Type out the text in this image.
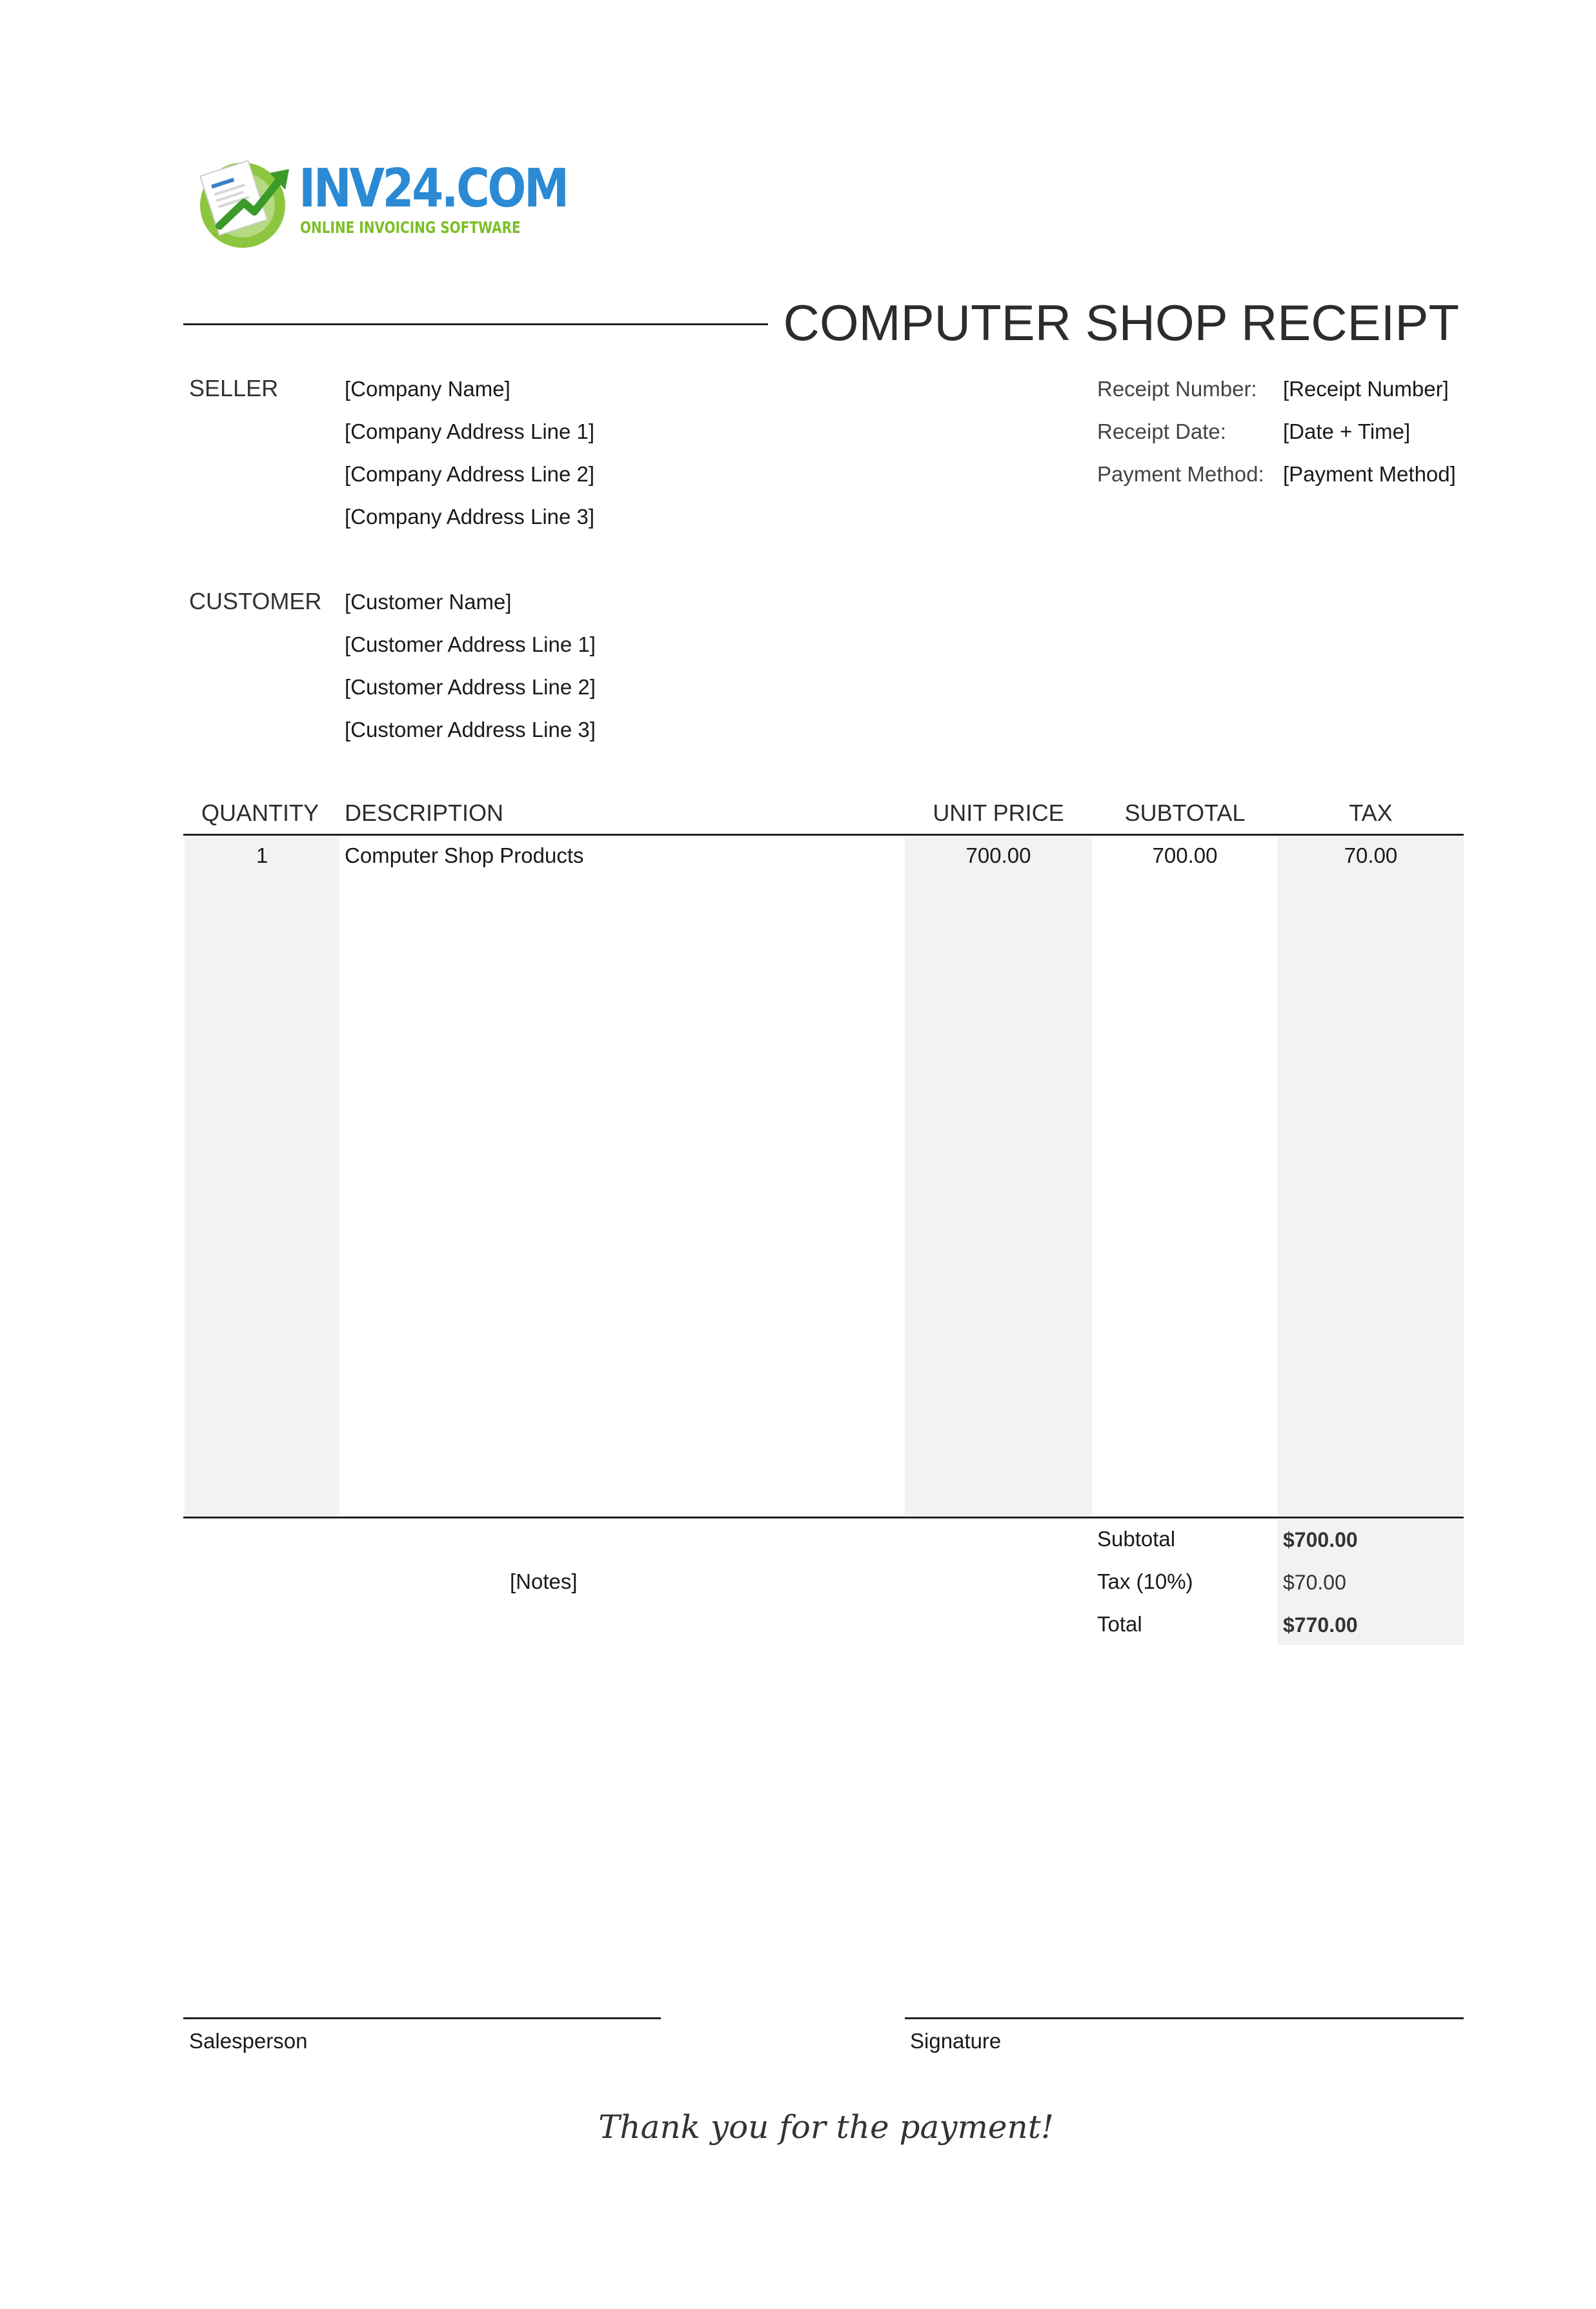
INV24.COM
ONLINE INVOICING SOFTWARE
COMPUTER SHOP RECEIPT
SELLER	[Company Name]
[Company Address Line 1]
[Company Address Line 2]
[Company Address Line 3]
Receipt Number: [Receipt Number]
Receipt Date:	[Date + Time]
Payment Method: [Payment Method]
CUSTOMER [Customer Name]
[Customer Address Line 1]
[Customer Address Line 2]
[Customer Address Line 3]
QUANTITY DESCRIPTION	UNIT PRICE	SUBTOTAL	TAX
1	Computer Shop Products	700.00	700.00	70.00
Subtotal	$700.00
Tax (10%)	$70.00
Total	$770.00
[Notes]
Salesperson	Signature
Thank you for the payment!
